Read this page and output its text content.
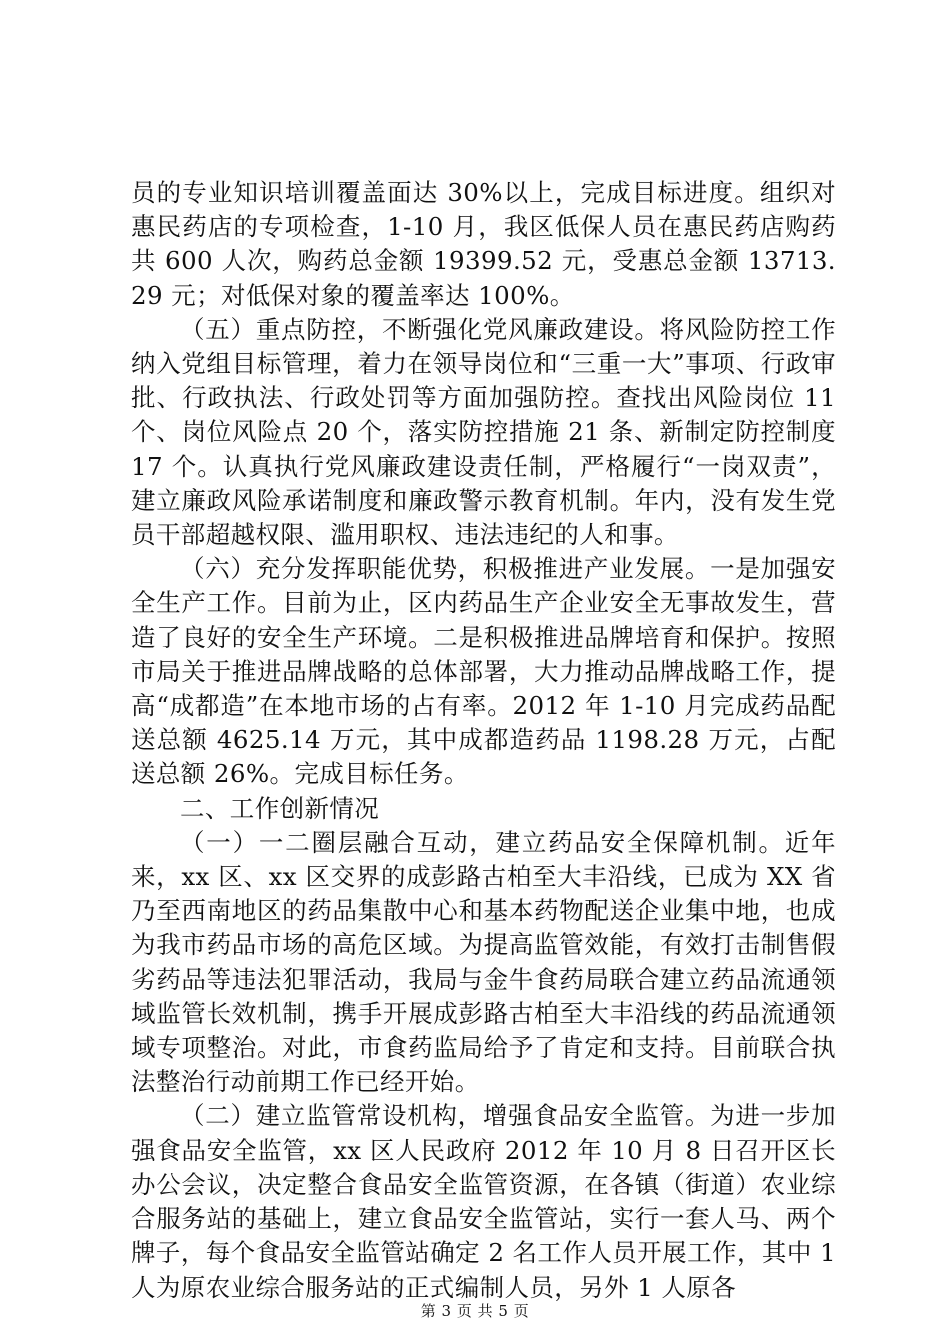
员的专业知识培训覆盖面达 30%以上，完成目标进度。组织对惠民药店的专项检查，1-10 月，我区低保人员在惠民药店购药共 600 人次，购药总金额 19399.52 元，受惠总金额 13713.29 元；对低保对象的覆盖率达 100%。

（五）重点防控，不断强化党风廉政建设。将风险防控工作纳入党组目标管理，着力在领导岗位和“三重一大”事项、行政审批、行政执法、行政处罚等方面加强防控。查找出风险岗位 11 个、岗位风险点 20 个，落实防控措施 21 条、新制定防控制度 17 个。认真执行党风廉政建设责任制，严格履行“一岗双责”，建立廉政风险承诺制度和廉政警示教育机制。年内，没有发生党员干部超越权限、滥用职权、违法违纪的人和事。

（六）充分发挥职能优势，积极推进产业发展。一是加强安全生产工作。目前为止，区内药品生产企业安全无事故发生，营造了良好的安全生产环境。二是积极推进品牌培育和保护。按照市局关于推进品牌战略的总体部署，大力推动品牌战略工作，提高“成都造”在本地市场的占有率。2012 年 1-10 月完成药品配送总额 4625.14 万元，其中成都造药品 1198.28 万元，占配送总额 26%。完成目标任务。

二、工作创新情况

（一）一二圈层融合互动，建立药品安全保障机制。近年来，xx 区、xx 区交界的成彭路古柏至大丰沿线，已成为 XX 省乃至西南地区的药品集散中心和基本药物配送企业集中地，也成为我市药品市场的高危区域。为提高监管效能，有效打击制售假劣药品等违法犯罪活动，我局与金牛食药局联合建立药品流通领域监管长效机制，携手开展成彭路古柏至大丰沿线的药品流通领域专项整治。对此，市食药监局给予了肯定和支持。目前联合执法整治行动前期工作已经开始。

（二）建立监管常设机构，增强食品安全监管。为进一步加强食品安全监管，xx 区人民政府 2012 年 10 月 8 日召开区长办公会议，决定整合食品安全监管资源，在各镇（街道）农业综合服务站的基础上，建立食品安全监管站，实行一套人马、两个牌子，每个食品安全监管站确定 2 名工作人员开展工作，其中 1 人为原农业综合服务站的正式编制人员，另外 1 人原各

第 3 页 共 5 页
